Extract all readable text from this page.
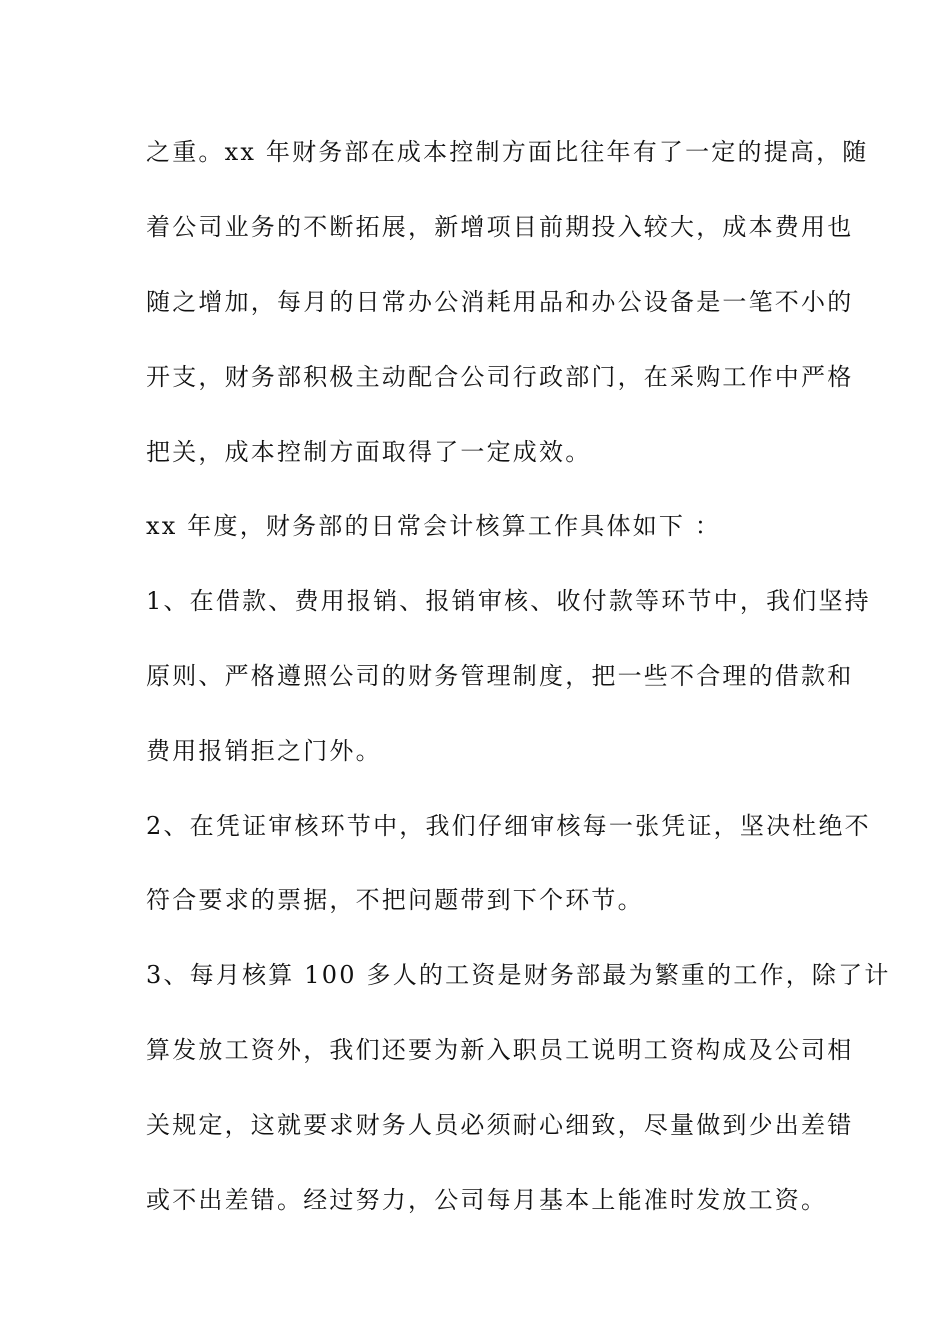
之重。xx 年财务部在成本控制方面比往年有了一定的提高，随
着公司业务的不断拓展，新增项目前期投入较大，成本费用也
随之增加，每月的日常办公消耗用品和办公设备是一笔不小的
开支，财务部积极主动配合公司行政部门，在采购工作中严格
把关，成本控制方面取得了一定成效。
xx 年度，财务部的日常会计核算工作具体如下 ：
1、在借款、费用报销、报销审核、收付款等环节中，我们坚持
原则、严格遵照公司的财务管理制度，把一些不合理的借款和
费用报销拒之门外。
2、在凭证审核环节中，我们仔细审核每一张凭证，坚决杜绝不
符合要求的票据，不把问题带到下个环节。
3、每月核算 100 多人的工资是财务部最为繁重的工作，除了计
算发放工资外，我们还要为新入职员工说明工资构成及公司相
关规定，这就要求财务人员必须耐心细致，尽量做到少出差错
或不出差错。经过努力，公司每月基本上能准时发放工资。
